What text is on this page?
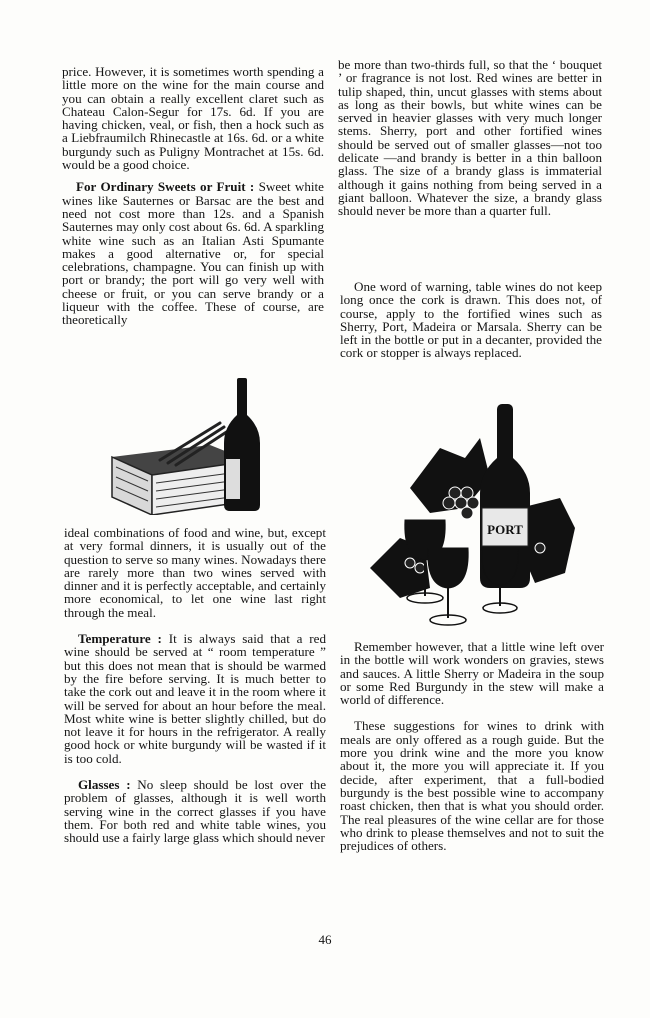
price. However, it is sometimes worth spending a little more on the wine for the main course and you can obtain a really excellent claret such as Chateau Calon-Segur for 17s. 6d. If you are having chicken, veal, or fish, then a hock such as a Liebfraumilch Rhinecastle at 16s. 6d. or a white burgundy such as Puligny Montrachet at 15s. 6d. would be a good choice.

For Ordinary Sweets or Fruit : Sweet white wines like Sauternes or Barsac are the best and need not cost more than 12s. and a Spanish Sauternes may only cost about 6s. 6d. A sparkling white wine such as an Italian Asti Spumante makes a good alternative or, for special celebrations, champagne. You can finish up with port or brandy; the port will go very well with cheese or fruit, or you can serve brandy or a liqueur with the coffee. These of course, are theoretically

ideal combinations of food and wine, but, except at very formal dinners, it is usually out of the question to serve so many wines. Nowadays there are rarely more than two wines served with dinner and it is perfectly acceptable, and certainly more economical, to let one wine last right through the meal.

Temperature : It is always said that a red wine should be served at “ room temperature ” but this does not mean that is should be warmed by the fire before serving. It is much better to take the cork out and leave it in the room where it will be served for about an hour before the meal. Most white wine is better slightly chilled, but do not leave it for hours in the refrigerator. A really good hock or white burgundy will be wasted if it is too cold.

Glasses : No sleep should be lost over the problem of glasses, although it is well worth serving wine in the correct glasses if you have them. For both red and white table wines, you should use a fairly large glass which should never

be more than two-thirds full, so that the ‘ bouquet ’ or fragrance is not lost. Red wines are better in tulip shaped, thin, uncut glasses with stems about as long as their bowls, but white wines can be served in heavier glasses with very much longer stems. Sherry, port and other fortified wines should be served out of smaller glasses—not too delicate —and brandy is better in a thin balloon glass. The size of a brandy glass is immaterial although it gains nothing from being served in a giant balloon. Whatever the size, a brandy glass should never be more than a quarter full.

One word of warning, table wines do not keep long once the cork is drawn. This does not, of course, apply to the fortified wines such as Sherry, Port, Madeira or Marsala. Sherry can be left in the bottle or put in a decanter, provided the cork or stopper is always replaced.

PORT

Remember however, that a little wine left over in the bottle will work wonders on gravies, stews and sauces. A little Sherry or Madeira in the soup or some Red Burgundy in the stew will make a world of difference.

These suggestions for wines to drink with meals are only offered as a rough guide. But the more you drink wine and the more you know about it, the more you will appreciate it. If you decide, after experiment, that a full-bodied burgundy is the best possible wine to accompany roast chicken, then that is what you should order. The real pleasures of the wine cellar are for those who drink to please themselves and not to suit the prejudices of others.

46
